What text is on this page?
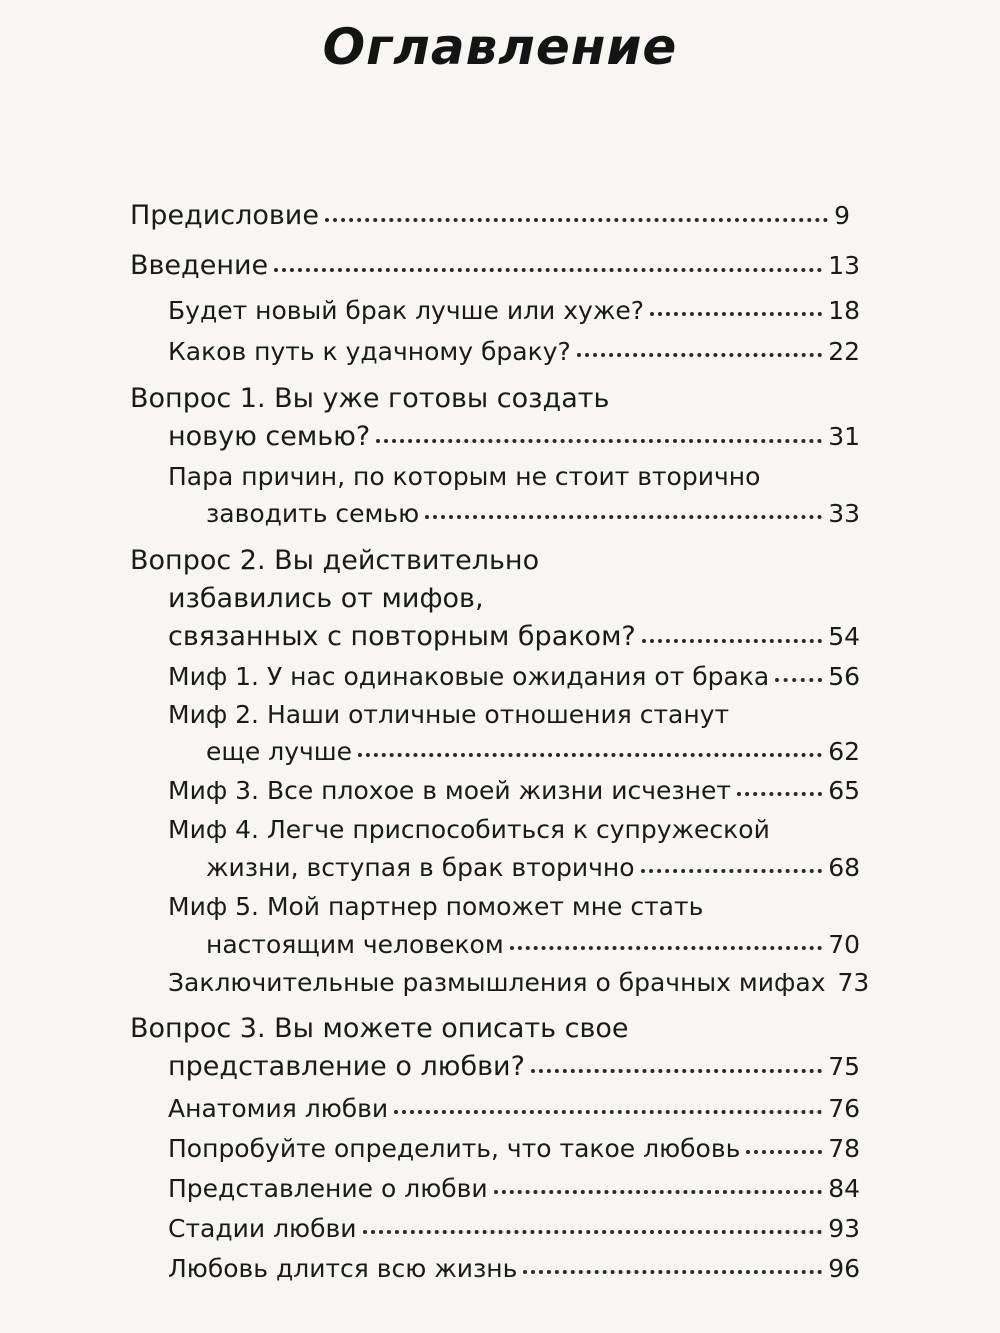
Оглавление
Предисловие	9
Введение	13
Будет новый брак лучше или хуже?	18
Каков путь к удачному браку?	22
Вопрос 1. Вы уже готовы создать
новую семью?	31
Пара причин, по которым не стоит вторично
заводить семью	33
Вопрос 2. Вы действительно
избавились от мифов,
связанных с повторным браком?	54
Миф 1. У нас одинаковые ожидания от брака 56
Миф 2. Наши отличные отношения станут
еще лучше	62
Миф 3. Все плохое в моей жизни исчезнет	65
Миф 4. Легче приспособиться к супружеской
жизни, вступая в брак вторично	68
Миф 5. Мой партнер поможет мне стать
настоящим человеком	70
Заключительные размышления о брачных мифах 73
Вопрос 3. Вы можете описать свое
представление о любви?	75
Анатомия любви	76
Попробуйте определить, что такое любовь	78
Представление о любви	84
Стадии любви	93
Любовь длится всю жизнь	96
